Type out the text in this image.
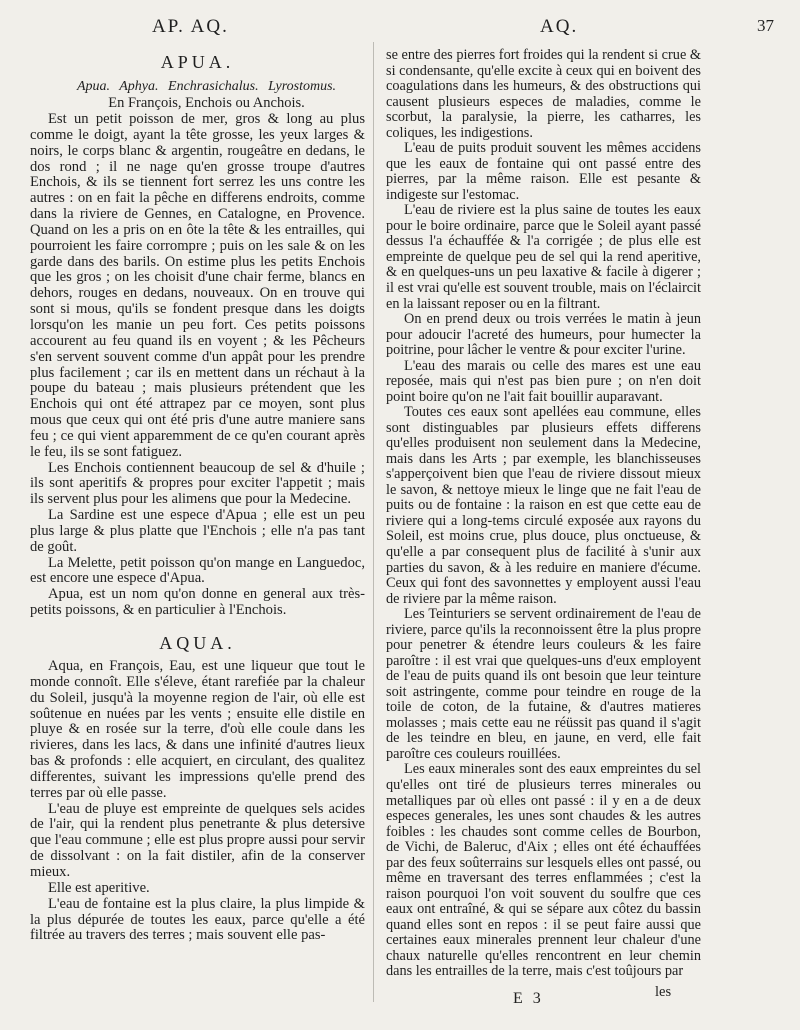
AP. AQ.	AQ.	37
APUA.

Apua. Aphya. Enchrasichalus. Lyrostomus.

En François, Enchois ou Anchois.

Est un petit poisson de mer, gros & long au plus comme le doigt, ayant la tête grosse, les yeux larges & noirs, le corps blanc & argentin, rougeâtre en dedans, le dos rond ; il ne nage qu'en grosse troupe d'autres Enchois, & ils se tiennent fort serrez les uns contre les autres : on en fait la pêche en differens endroits, comme dans la riviere de Gennes, en Catalogne, en Provence. Quand on les a pris on en ôte la tête & les entrailles, qui pourroient les faire corrompre ; puis on les sale & on les garde dans des barils. On estime plus les petits Enchois que les gros ; on les choisit d'une chair ferme, blancs en dehors, rouges en dedans, nouveaux. On en trouve qui sont si mous, qu'ils se fondent presque dans les doigts lorsqu'on les manie un peu fort. Ces petits poissons accourent au feu quand ils en voyent ; & les Pêcheurs s'en servent souvent comme d'un appât pour les prendre plus facilement ; car ils en mettent dans un réchaut à la poupe du bateau ; mais plusieurs prétendent que les Enchois qui ont été attrapez par ce moyen, sont plus mous que ceux qui ont été pris d'une autre maniere sans feu ; ce qui vient apparemment de ce qu'en courant après le feu, ils se sont fatiguez.

Les Enchois contiennent beaucoup de sel & d'huile ; ils sont aperitifs & propres pour exciter l'appetit ; mais ils servent plus pour les alimens que pour la Medecine.

La Sardine est une espece d'Apua ; elle est un peu plus large & plus platte que l'Enchois ; elle n'a pas tant de goût.

La Melette, petit poisson qu'on mange en Languedoc, est encore une espece d'Apua.

Apua, est un nom qu'on donne en general aux très-petits poissons, & en particulier à l'Enchois.

AQUA.

Aqua, en François, Eau, est une liqueur que tout le monde connoît. Elle s'éleve, étant rarefiée par la chaleur du Soleil, jusqu'à la moyenne region de l'air, où elle est soûtenue en nuées par les vents ; ensuite elle distile en pluye & en rosée sur la terre, d'où elle coule dans les rivieres, dans les lacs, & dans une infinité d'autres lieux bas & profonds : elle acquiert, en circulant, des qualitez differentes, suivant les impressions qu'elle prend des terres par où elle passe.

L'eau de pluye est empreinte de quelques sels acides de l'air, qui la rendent plus penetrante & plus detersive que l'eau commune ; elle est plus propre aussi pour servir de dissolvant : on la fait distiler, afin de la conserver mieux.

Elle est aperitive.

L'eau de fontaine est la plus claire, la plus limpide & la plus dépurée de toutes les eaux, parce qu'elle a été filtrée au travers des terres ; mais souvent elle pas-

se entre des pierres fort froides qui la rendent si crue & si condensante, qu'elle excite à ceux qui en boivent des coagulations dans les humeurs, & des obstructions qui causent plusieurs especes de maladies, comme le scorbut, la paralysie, la pierre, les catharres, les coliques, les indigestions.

L'eau de puits produit souvent les mêmes accidens que les eaux de fontaine qui ont passé entre des pierres, par la même raison. Elle est pesante & indigeste sur l'estomac.

L'eau de riviere est la plus saine de toutes les eaux pour le boire ordinaire, parce que le Soleil ayant passé dessus l'a échauffée & l'a corrigée ; de plus elle est empreinte de quelque peu de sel qui la rend aperitive, & en quelques-uns un peu laxative & facile à digerer ; il est vrai qu'elle est souvent trouble, mais on l'éclaircit en la laissant reposer ou en la filtrant.

On en prend deux ou trois verrées le matin à jeun pour adoucir l'acreté des humeurs, pour humecter la poitrine, pour lâcher le ventre & pour exciter l'urine.

L'eau des marais ou celle des mares est une eau reposée, mais qui n'est pas bien pure ; on n'en doit point boire qu'on ne l'ait fait bouillir auparavant.

Toutes ces eaux sont apellées eau commune, elles sont distinguables par plusieurs effets differens qu'elles produisent non seulement dans la Medecine, mais dans les Arts ; par exemple, les blanchisseuses s'apperçoivent bien que l'eau de riviere dissout mieux le savon, & nettoye mieux le linge que ne fait l'eau de puits ou de fontaine : la raison en est que cette eau de riviere qui a long-tems circulé exposée aux rayons du Soleil, est moins crue, plus douce, plus onctueuse, & qu'elle a par consequent plus de facilité à s'unir aux parties du savon, & à les reduire en maniere d'écume. Ceux qui font des savonnettes y employent aussi l'eau de riviere par la même raison.

Les Teinturiers se servent ordinairement de l'eau de riviere, parce qu'ils la reconnoissent être la plus propre pour penetrer & étendre leurs couleurs & les faire paroître : il est vrai que quelques-uns d'eux employent de l'eau de puits quand ils ont besoin que leur teinture soit astringente, comme pour teindre en rouge de la toile de coton, de la futaine, & d'autres matieres molasses ; mais cette eau ne réüssit pas quand il s'agit de les teindre en bleu, en jaune, en verd, elle fait paroître ces couleurs rouillées.

Les eaux minerales sont des eaux empreintes du sel qu'elles ont tiré de plusieurs terres minerales ou metalliques par où elles ont passé : il y en a de deux especes generales, les unes sont chaudes & les autres foibles : les chaudes sont comme celles de Bourbon, de Vichi, de Baleruc, d'Aix ; elles ont été échauffées par des feux soûterrains sur lesquels elles ont passé, ou même en traversant des terres enflammées ; c'est la raison pourquoi l'on voit souvent du soulfre que ces eaux ont entraîné, & qui se sépare aux côtez du bassin quand elles sont en repos : il se peut faire aussi que certaines eaux minerales prennent leur chaleur d'une chaux naturelle qu'elles rencontrent en leur chemin dans les entrailles de la terre, mais c'est toûjours par

E 3	les
